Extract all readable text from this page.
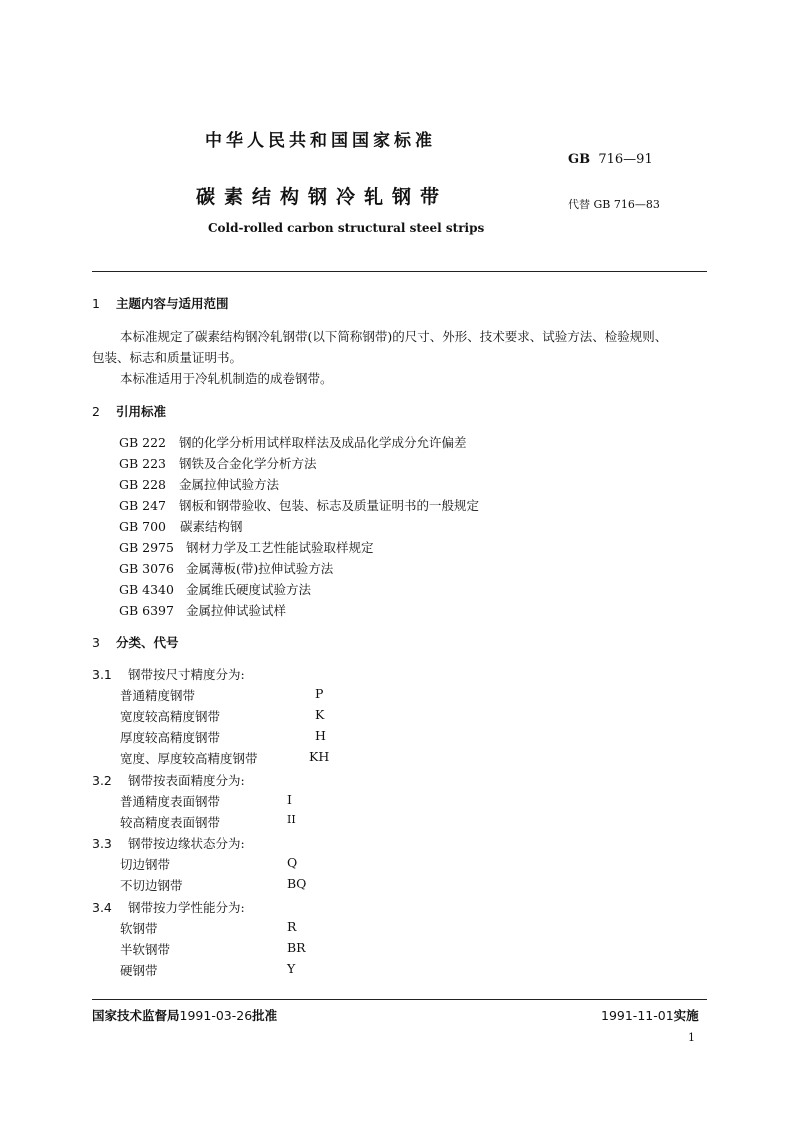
中华人民共和国国家标准
GB 716—91
碳素结构钢冷轧钢带	代替 GB 716—83
Cold-rolled carbon structural steel strips
1 主题内容与适用范围
本标准规定了碳素结构钢冷轧钢带(以下简称钢带)的尺寸、外形、技术要求、试验方法、检验规则、
包装、标志和质量证明书。
本标准适用于冷轧机制造的成卷钢带。
2 引用标准
GB 222 钢的化学分析用试样取样法及成品化学成分允许偏差
GB 223 钢铁及合金化学分析方法
GB 228 金属拉伸试验方法
GB 247 钢板和钢带验收、包装、标志及质量证明书的一般规定
GB 700 碳素结构钢
GB 2975 钢材力学及工艺性能试验取样规定
GB 3076 金属薄板(带)拉伸试验方法
GB 4340 金属维氏硬度试验方法
GB 6397 金属拉伸试验试样
3 分类、代号
3.1 钢带按尺寸精度分为:
普通精度钢带	P
宽度较高精度钢带	K
厚度较高精度钢带	H
宽度、厚度较高精度钢带	KH
3.2 钢带按表面精度分为:
普通精度表面钢带	I
较高精度表面钢带	II
3.3 钢带按边缘状态分为:
切边钢带	Q
不切边钢带	BQ
3.4 钢带按力学性能分为:
软钢带	R
半软钢带	BR
硬钢带	Y
国家技术监督局1991-03-26批准	1991-11-01实施
1
